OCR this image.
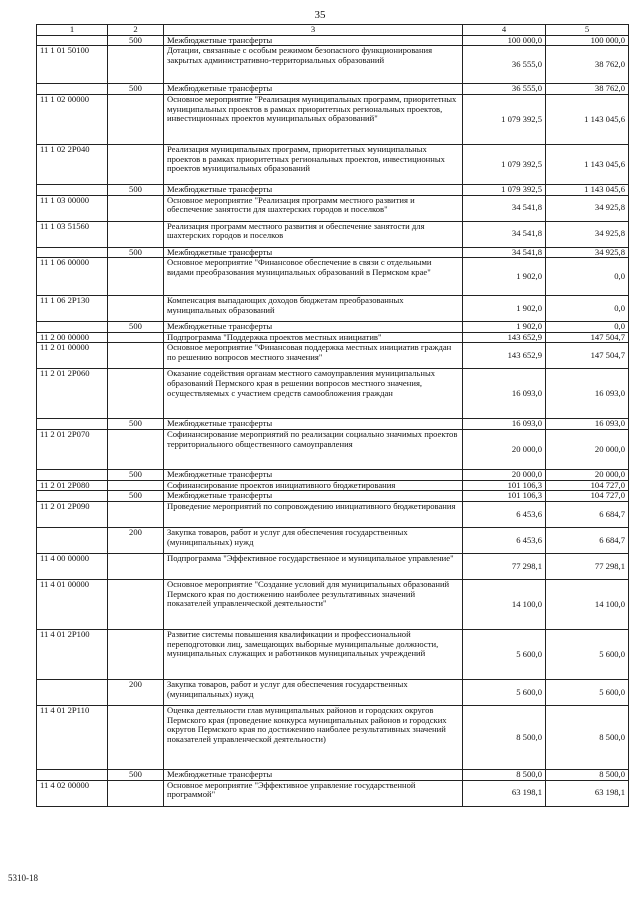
35
1	2	3	4	5
	500	Межбюджетные трансферты	100 000,0	100 000,0
11 1 01 50100		Дотации, связанные с особым режимом безопасного функционирования закрытых административно-территориальных образований	36 555,0	38 762,0
	500	Межбюджетные трансферты	36 555,0	38 762,0
11 1 02 00000		Основное мероприятие "Реализация муниципальных программ, приоритетных муниципальных проектов в рамках приоритетных региональных проектов, инвестиционных проектов муниципальных образований"	1 079 392,5	1 143 045,6
11 1 02 2P040		Реализация муниципальных программ, приоритетных муниципальных проектов в рамках приоритетных региональных проектов, инвестиционных проектов муниципальных образований	1 079 392,5	1 143 045,6
	500	Межбюджетные трансферты	1 079 392,5	1 143 045,6
11 1 03 00000		Основное мероприятие "Реализация программ местного развития и обеспечение занятости для шахтерских городов и поселков"	34 541,8	34 925,8
11 1 03 51560		Реализация программ местного развития и обеспечение занятости для шахтерских городов и поселков	34 541,8	34 925,8
	500	Межбюджетные трансферты	34 541,8	34 925,8
11 1 06 00000		Основное мероприятие "Финансовое обеспечение в связи с отдельными видами преобразования муниципальных образований в Пермском крае"	1 902,0	0,0
11 1 06 2P130		Компенсация выпадающих доходов бюджетам преобразованных муниципальных образований	1 902,0	0,0
	500	Межбюджетные трансферты	1 902,0	0,0
11 2 00 00000		Подпрограмма "Поддержка проектов местных инициатив"	143 652,9	147 504,7
11 2 01 00000		Основное мероприятие "Финансовая поддержка местных инициатив граждан по решению вопросов местного значения"	143 652,9	147 504,7
11 2 01 2P060		Оказание содействия органам местного самоуправления муниципальных образований Пермского края в решении вопросов местного значения, осуществляемых с участием средств самообложения граждан	16 093,0	16 093,0
	500	Межбюджетные трансферты	16 093,0	16 093,0
11 2 01 2P070		Софинансирование мероприятий по реализации социально значимых проектов территориального общественного самоуправления	20 000,0	20 000,0
	500	Межбюджетные трансферты	20 000,0	20 000,0
11 2 01 2P080		Софинансирование проектов инициативного бюджетирования	101 106,3	104 727,0
	500	Межбюджетные трансферты	101 106,3	104 727,0
11 2 01 2P090		Проведение мероприятий по сопровождению инициативного бюджетирования	6 453,6	6 684,7
	200	Закупка товаров, работ и услуг для обеспечения государственных (муниципальных) нужд	6 453,6	6 684,7
11 4 00 00000		Подпрограмма "Эффективное государственное и муниципальное управление"	77 298,1	77 298,1
11 4 01 00000		Основное мероприятие "Создание условий для муниципальных образований Пермского края по достижению наиболее результативных значений показателей управленческой деятельности"	14 100,0	14 100,0
11 4 01 2P100		Развитие системы повышения квалификации и профессиональной переподготовки лиц, замещающих выборные муниципальные должности, муниципальных служащих и работников муниципальных учреждений	5 600,0	5 600,0
	200	Закупка товаров, работ и услуг для обеспечения государственных (муниципальных) нужд	5 600,0	5 600,0
11 4 01 2P110		Оценка деятельности глав муниципальных районов и городских округов Пермского края (проведение конкурса муниципальных районов и городских округов Пермского края по достижению наиболее результативных значений показателей управленческой деятельности)	8 500,0	8 500,0
	500	Межбюджетные трансферты	8 500,0	8 500,0
11 4 02 00000		Основное мероприятие "Эффективное управление государственной программой"	63 198,1	63 198,1
5310-18
